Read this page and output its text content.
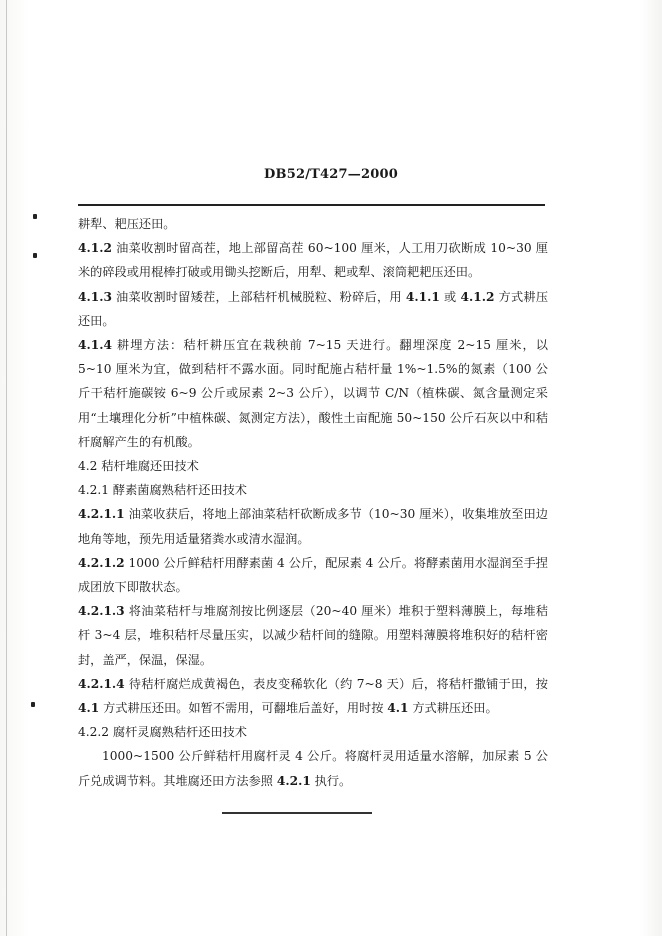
DB52/T427—2000

耕犁、耙压还田。

4.1.2 油菜收割时留高茬，地上部留高茬 60~100 厘米，人工用刀砍断成 10~30 厘米的碎段或用棍棒打破或用锄头挖断后，用犁、耙或犁、滚筒耙耙压还田。

4.1.3 油菜收割时留矮茬，上部秸杆机械脱粒、粉碎后，用 4.1.1 或 4.1.2 方式耕压还田。

4.1.4 耕埋方法：秸杆耕压宜在栽秧前 7~15 天进行。翻埋深度 2~15 厘米，以 5~10 厘米为宜，做到秸杆不露水面。同时配施占秸杆量 1%~1.5%的氮素（100 公斤干秸杆施碳铵 6~9 公斤或尿素 2~3 公斤），以调节 C/N（植株碳、氮含量测定采用“土壤理化分析”中植株碳、氮测定方法），酸性土亩配施 50~150 公斤石灰以中和秸杆腐解产生的有机酸。

4.2 秸杆堆腐还田技术

4.2.1 酵素菌腐熟秸杆还田技术

4.2.1.1 油菜收获后，将地上部油菜秸杆砍断成多节（10~30 厘米），收集堆放至田边地角等地，预先用适量猪粪水或清水湿润。

4.2.1.2 1000 公斤鲜秸杆用酵素菌 4 公斤，配尿素 4 公斤。将酵素菌用水湿润至手捏成团放下即散状态。

4.2.1.3 将油菜秸杆与堆腐剂按比例逐层（20~40 厘米）堆积于塑料薄膜上，每堆秸杆 3~4 层，堆积秸杆尽量压实，以减少秸杆间的缝隙。用塑料薄膜将堆积好的秸杆密封，盖严，保温，保湿。

4.2.1.4 待秸杆腐烂成黄褐色，表皮变稀软化（约 7~8 天）后，将秸杆撒铺于田，按 4.1 方式耕压还田。如暂不需用，可翻堆后盖好，用时按 4.1 方式耕压还田。

4.2.2 腐杆灵腐熟秸杆还田技术

1000~1500 公斤鲜秸杆用腐杆灵 4 公斤。将腐杆灵用适量水溶解，加尿素 5 公斤兑成调节料。其堆腐还田方法参照 4.2.1 执行。
